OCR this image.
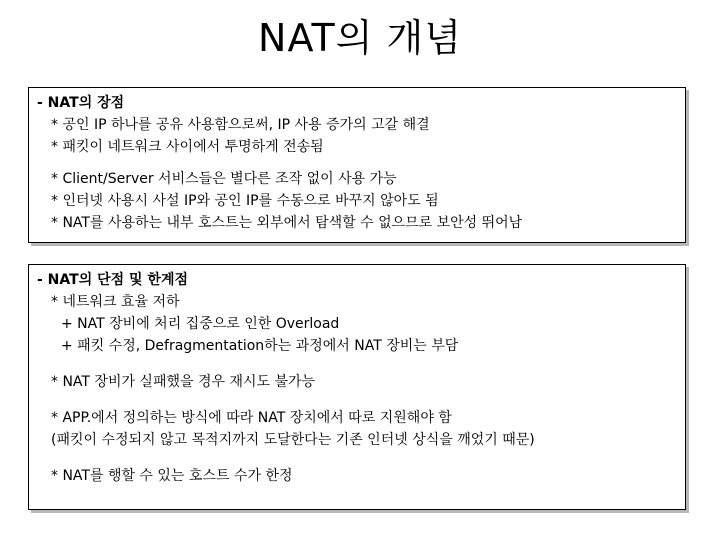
NAT의 개념
- NAT의 장점
* 공인 IP 하나를 공유 사용함으로써, IP 사용 증가의 고갈 해결
* 패킷이 네트워크 사이에서 투명하게 전송됨
* Client/Server 서비스들은 별다른 조작 없이 사용 가능
* 인터넷 사용시 사설 IP와 공인 IP를 수동으로 바꾸지 않아도 됨
* NAT를 사용하는 내부 호스트는 외부에서 탐색할 수 없으므로 보안성 뛰어남
- NAT의 단점 및 한계점
* 네트워크 효율 저하
+ NAT 장비에 처리 집중으로 인한 Overload
+ 패킷 수정, Defragmentation하는 과정에서 NAT 장비는 부담
* NAT 장비가 실패했을 경우 재시도 불가능
* APP.에서 정의하는 방식에 따라 NAT 장치에서 따로 지원해야 함
(패킷이 수정되지 않고 목적지까지 도달한다는 기존 인터넷 상식을 깨었기 때문)
* NAT를 행할 수 있는 호스트 수가 한정
